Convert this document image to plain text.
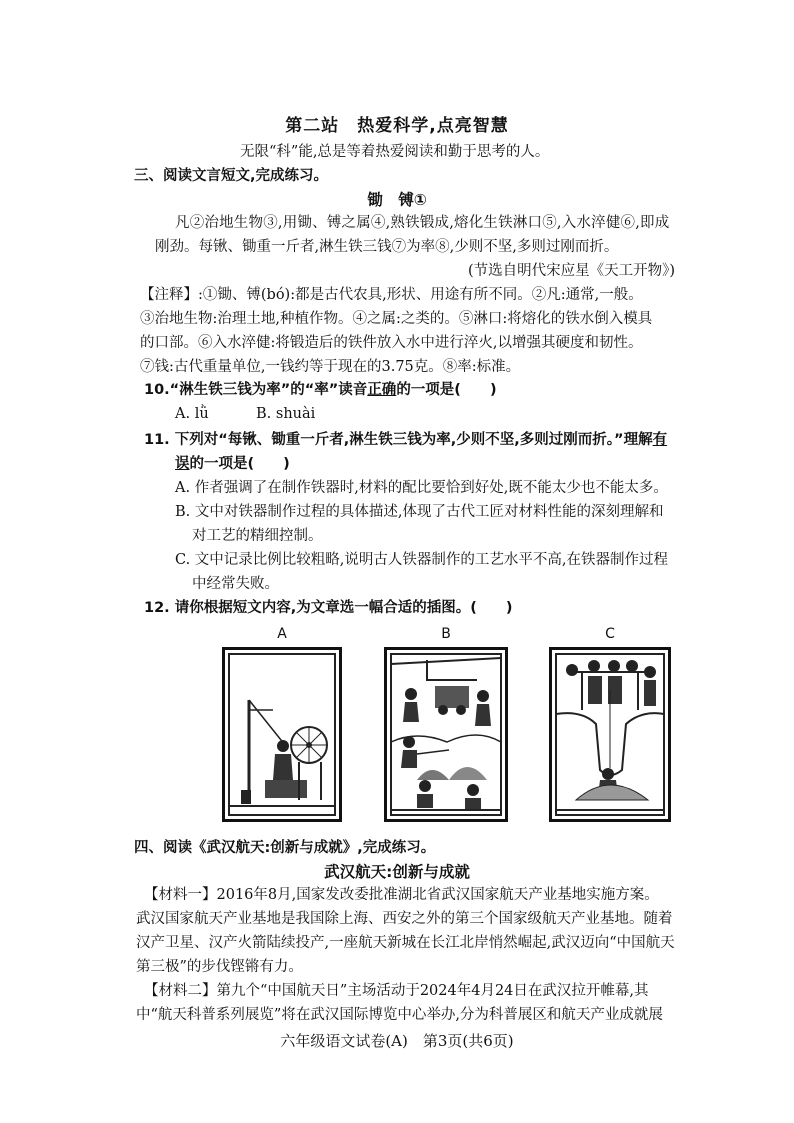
第二站　热爱科学,点亮智慧
无限“科”能,总是等着热爱阅读和勤于思考的人。
三、阅读文言短文,完成练习。
锄　镈①
凡②治地生物③,用锄、镈之属④,熟铁锻成,熔化生铁淋口⑤,入水淬健⑥,即成
刚劲。每锹、锄重一斤者,淋生铁三钱⑦为率⑧,少则不坚,多则过刚而折。
(节选自明代宋应星《天工开物》)
【注释】:①锄、镈(bó):都是古代农具,形状、用途有所不同。②凡:通常,一般。
③治地生物:治理土地,种植作物。④之属:之类的。⑤淋口:将熔化的铁水倒入模具
的口部。⑥入水淬健:将锻造后的铁件放入水中进行淬火,以增强其硬度和韧性。
⑦钱:古代重量单位,一钱约等于现在的3.75克。⑧率:标准。
10.“淋生铁三钱为率”的“率”读音正确的一项是(　　)
A. lǜ	B. shuài
11. 下列对“每锹、锄重一斤者,淋生铁三钱为率,少则不坚,多则过刚而折。”理解有
误的一项是(　　)
A. 作者强调了在制作铁器时,材料的配比要恰到好处,既不能太少也不能太多。
B. 文中对铁器制作过程的具体描述,体现了古代工匠对材料性能的深刻理解和
对工艺的精细控制。
C. 文中记录比例比较粗略,说明古人铁器制作的工艺水平不高,在铁器制作过程
中经常失败。
12. 请你根据短文内容,为文章选一幅合适的插图。(　　)
A	B	C
四、阅读《武汉航天:创新与成就》,完成练习。
武汉航天:创新与成就
【材料一】2016年8月,国家发改委批准湖北省武汉国家航天产业基地实施方案。
武汉国家航天产业基地是我国除上海、西安之外的第三个国家级航天产业基地。随着
汉产卫星、汉产火箭陆续投产,一座航天新城在长江北岸悄然崛起,武汉迈向“中国航天
第三极”的步伐铿锵有力。
【材料二】第九个“中国航天日”主场活动于2024年4月24日在武汉拉开帷幕,其
中“航天科普系列展览”将在武汉国际博览中心举办,分为科普展区和航天产业成就展
六年级语文试卷(A)　第3页(共6页)
